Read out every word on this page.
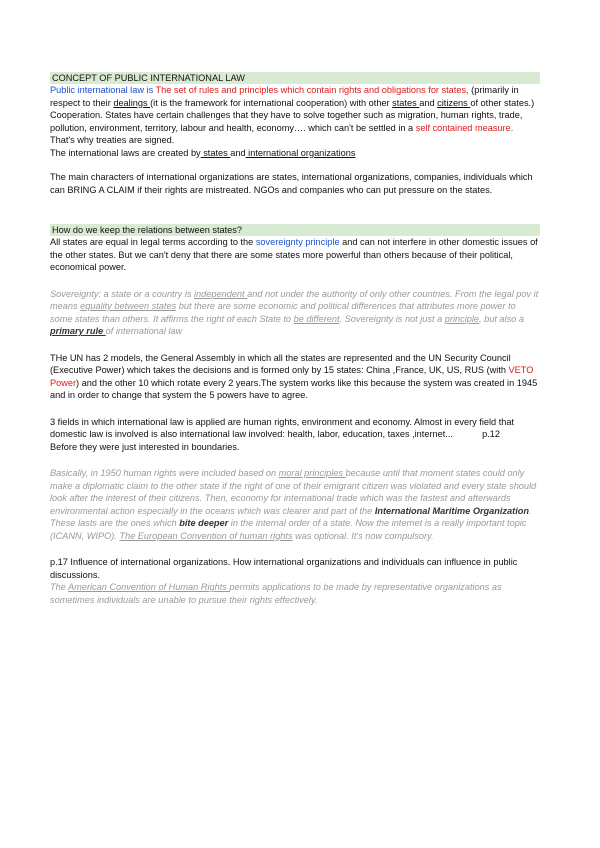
CONCEPT OF PUBLIC INTERNATIONAL LAW

Public international law is The set of rules and principles which contain rights and obligations for states, (primarily in respect to their dealings (it is the framework for international cooperation) with other states and citizens of other states.)

Cooperation. States have certain challenges that they have to solve together such as migration, human rights, trade, pollution, environment, territory, labour and health, economy…. which can't be settled in a self contained measure. That's why treaties are signed.

The international laws are created by states and international organizations

The main characters of international organizations are states, international organizations, companies, individuals which can BRING A CLAIM if their rights are mistreated. NGOs and companies who can put pressure on the states.

How do we keep the relations between states?

All states are equal in legal terms according to the sovereignty principle and can not interfere in other domestic issues of the other states. But we can't deny that there are some states more powerful than others because of their political, economical power.

Sovereignty: a state or a country is independent and not under the authority of only other countries. From the legal pov it means equality between states but there are some economic and political differences that attributes more power to some states than others. It affirms the right of each State to be different. Sovereignty is not just a principle, but also a primary rule of international law

THe UN has 2 models, the General Assembly in which all the states are represented and the UN Security Council (Executive Power) which takes the decisions and is formed only by 15 states: China ,France, UK, US, RUS (with VETO Power) and the other 10 which rotate every 2 years.The system works like this because the system was created in 1945 and in order to change that system the 5 powers have to agree.

3 fields in which international law is applied are human rights, environment and economy. Almost in every field that domestic law is involved is also international law involved: health, labor, education, taxes ,internet...	p.12

Before they were just interested in boundaries.

Basically, in 1950 human rights were included based on moral principles because until that moment states could only make a diplomatic claim to the other state if the right of one of their emigrant citizen was violated and every state should look after the interest of their citizens. Then, economy for international trade which was the fastest and afterwards environmental action especially in the oceans which was clearer and part of the International Maritime Organization. These lasts are the ones which bite deeper in the internal order of a state. Now the internet is a really important topic (ICANN, WIPO). The European Convention of human rights was optional. It's now compulsory.

p.17 Influence of international organizations. How international organizations and individuals can influence in public discussions.

The American Convention of Human Rights permits applications to be made by representative organizations as sometimes individuals are unable to pursue their rights effectively.
